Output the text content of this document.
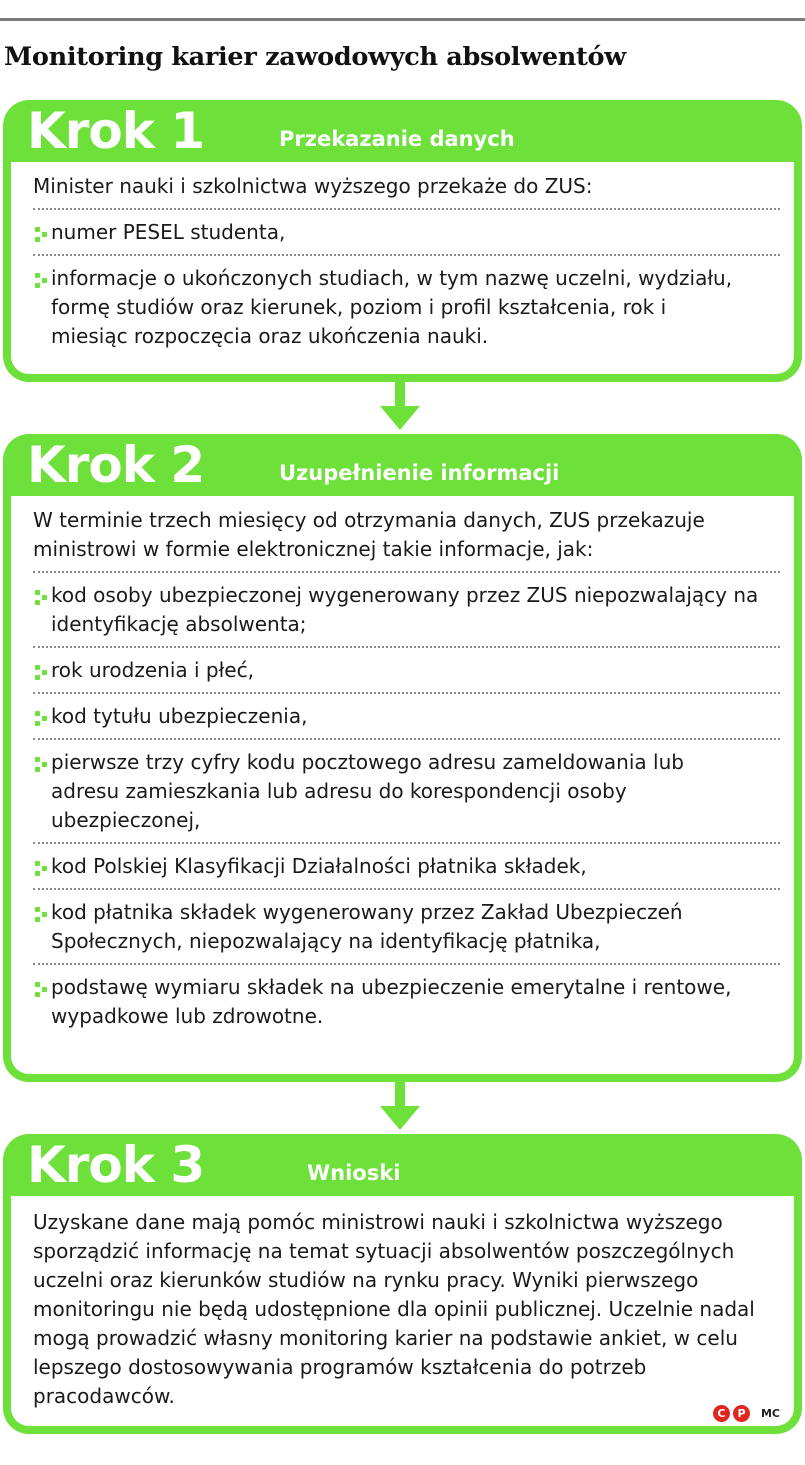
Monitoring karier zawodowych absolwentów
Krok 1	Przekazanie danych
Minister nauki i szkolnictwa wyższego przekaże do ZUS:
numer PESEL studenta,
informacje o ukończonych studiach, w tym nazwę uczelni, wydziału, formę studiów oraz kierunek, poziom i profil kształcenia, rok i miesiąc rozpoczęcia oraz ukończenia nauki.
Krok 2	Uzupełnienie informacji
W terminie trzech miesięcy od otrzymania danych, ZUS przekazuje ministrowi w formie elektronicznej takie informacje, jak:
kod osoby ubezpieczonej wygenerowany przez ZUS niepozwalający na identyfikację absolwenta;
rok urodzenia i płeć,
kod tytułu ubezpieczenia,
pierwsze trzy cyfry kodu pocztowego adresu zameldowania lub adresu zamieszkania lub adresu do korespondencji osoby ubezpieczonej,
kod Polskiej Klasyfikacji Działalności płatnika składek,
kod płatnika składek wygenerowany przez Zakład Ubezpieczeń Społecznych, niepozwalający na identyfikację płatnika,
podstawę wymiaru składek na ubezpieczenie emerytalne i rentowe, wypadkowe lub zdrowotne.
Krok 3	Wnioski
Uzyskane dane mają pomóc ministrowi nauki i szkolnictwa wyższego sporządzić informację na temat sytuacji absolwentów poszczególnych uczelni oraz kierunków studiów na rynku pracy. Wyniki pierwszego monitoringu nie będą udostępnione dla opinii publicznej. Uczelnie nadal mogą prowadzić własny monitoring karier na podstawie ankiet, w celu lepszego dostosowywania programów kształcenia do potrzeb pracodawców.
C	P	MC
